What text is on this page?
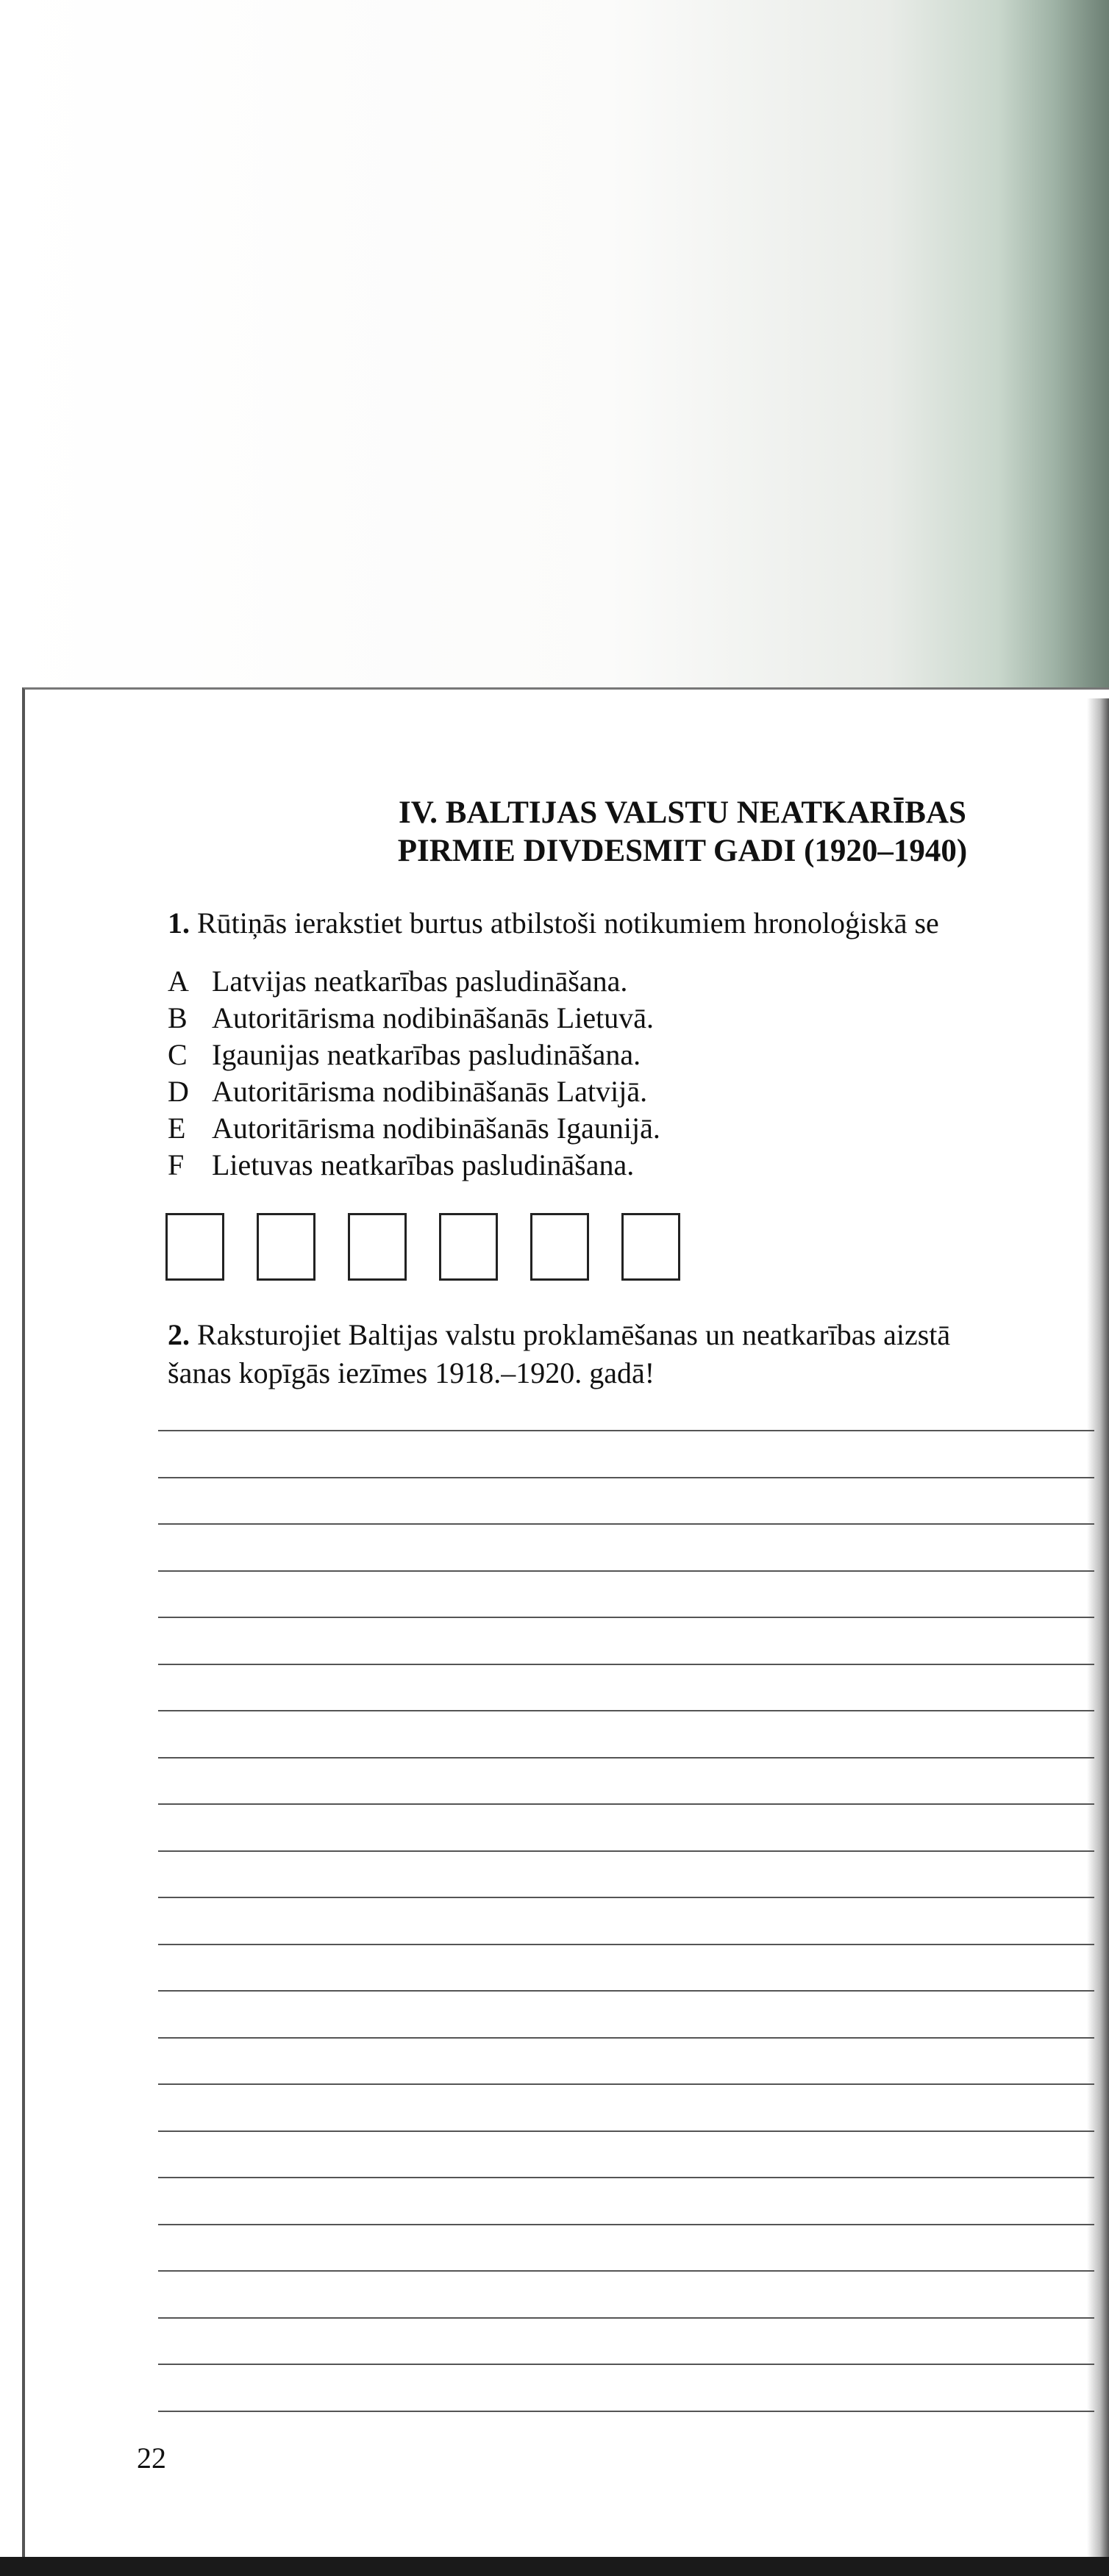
IV. BALTIJAS VALSTU NEATKARĪBAS
PIRMIE DIVDESMIT GADI (1920–1940)
1. Rūtiņās ierakstiet burtus atbilstoši notikumiem hronoloģiskā se
A Latvijas neatkarības pasludināšana.
B Autoritārisma nodibināšanās Lietuvā.
C Igaunijas neatkarības pasludināšana.
D Autoritārisma nodibināšanās Latvijā.
E Autoritārisma nodibināšanās Igaunijā.
F Lietuvas neatkarības pasludināšana.
2. Raksturojiet Baltijas valstu proklamēšanas un neatkarības aizstā
šanas kopīgās iezīmes 1918.–1920. gadā!
22
